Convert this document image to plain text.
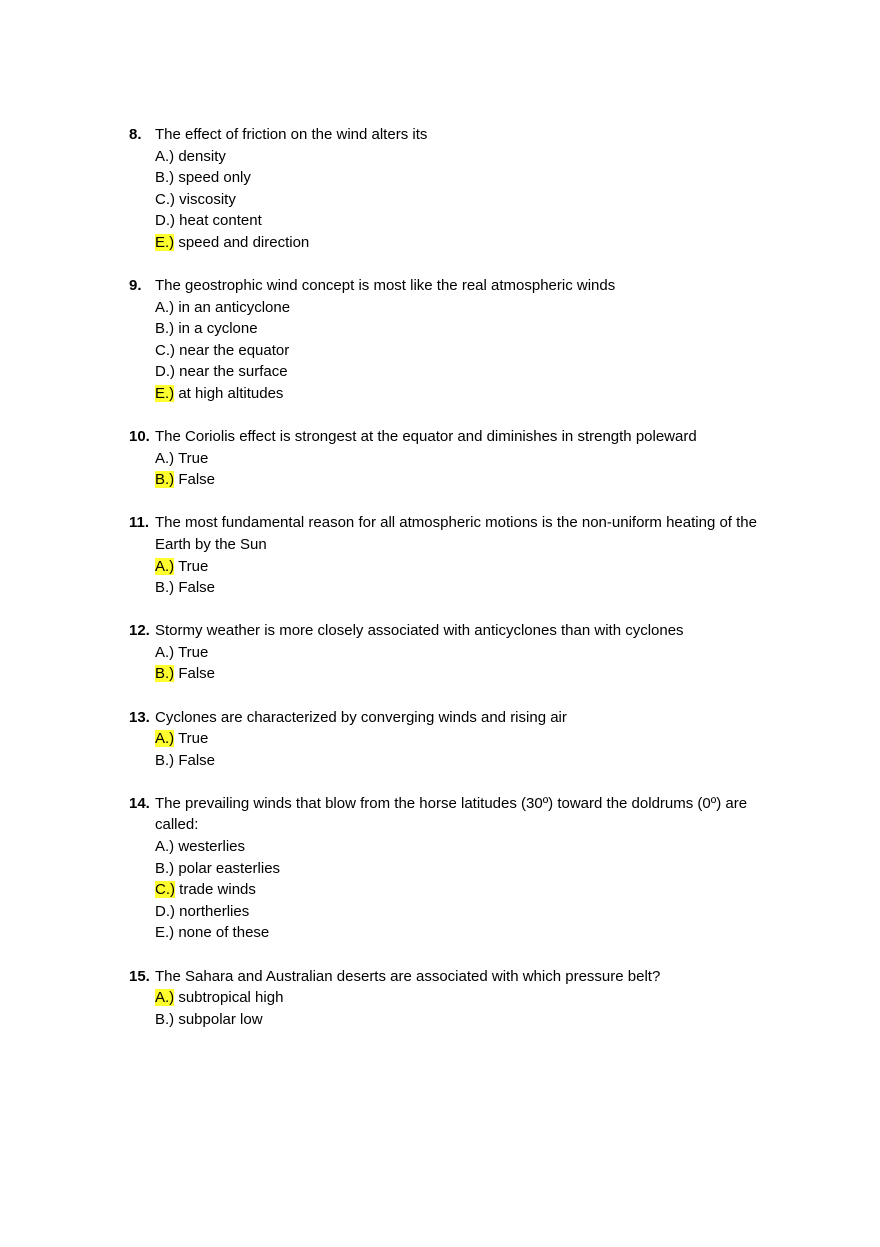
8. The effect of friction on the wind alters its
A.) density
B.) speed only
C.) viscosity
D.) heat content
E.) speed and direction
9. The geostrophic wind concept is most like the real atmospheric winds
A.) in an anticyclone
B.) in a cyclone
C.) near the equator
D.) near the surface
E.) at high altitudes
10. The Coriolis effect is strongest at the equator and diminishes in strength poleward
A.) True
B.) False
11. The most fundamental reason for all atmospheric motions is the non-uniform heating of the Earth by the Sun
A.) True
B.) False
12. Stormy weather is more closely associated with anticyclones than with cyclones
A.) True
B.) False
13. Cyclones are characterized by converging winds and rising air
A.) True
B.) False
14. The prevailing winds that blow from the horse latitudes (30º) toward the doldrums (0º) are called:
A.) westerlies
B.) polar easterlies
C.) trade winds
D.) northerlies
E.) none of these
15. The Sahara and Australian deserts are associated with which pressure belt?
A.) subtropical high
B.) subpolar low
